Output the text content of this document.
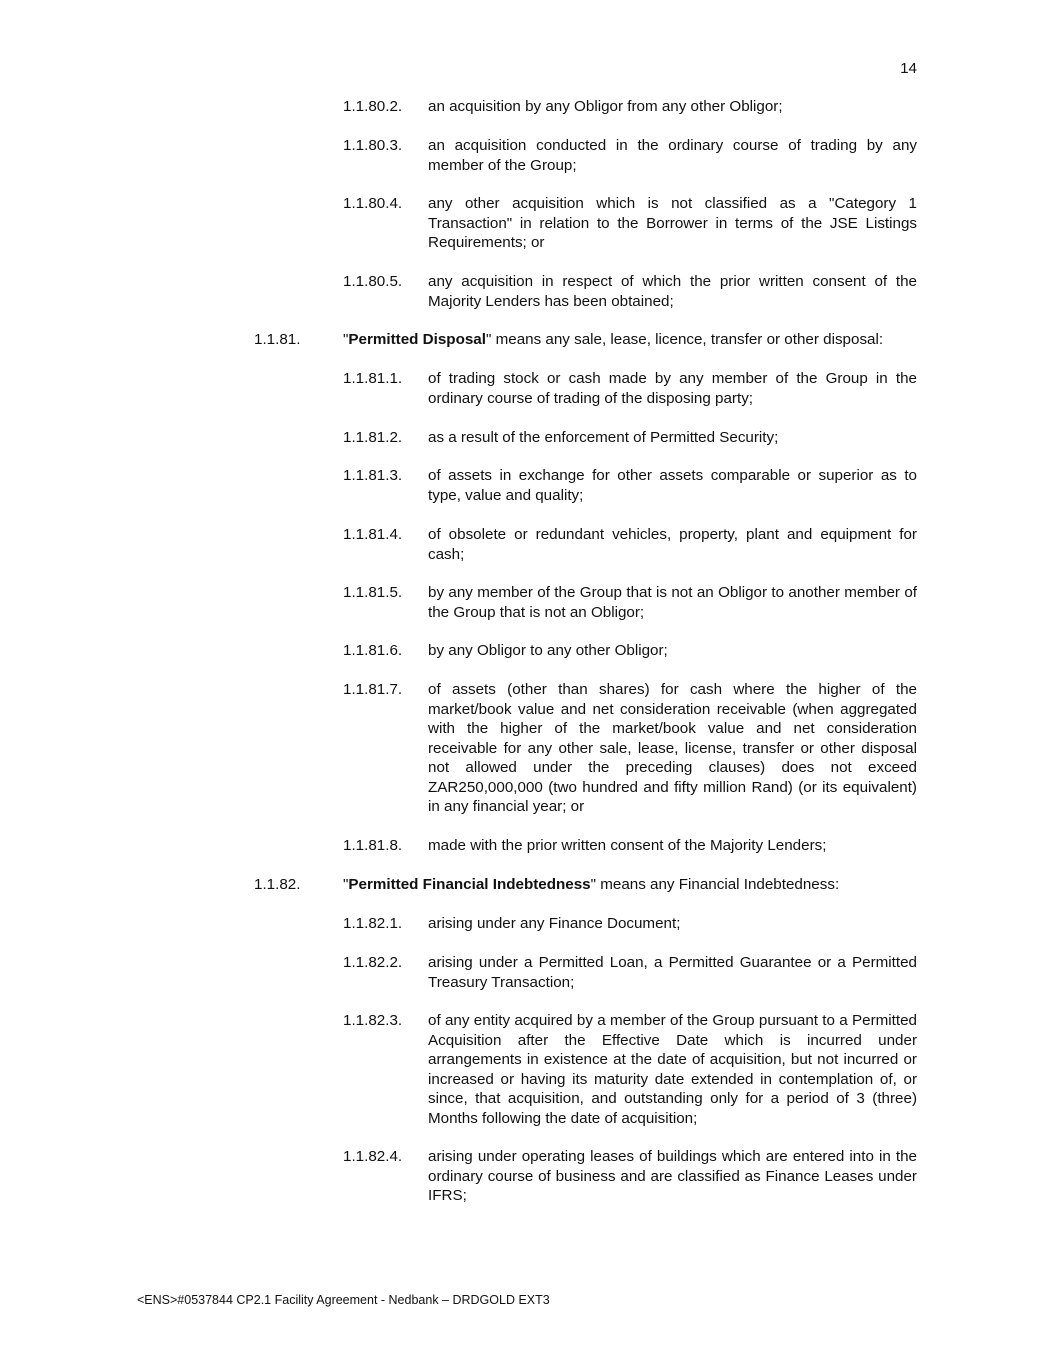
14
1.1.80.2. an acquisition by any Obligor from any other Obligor;
1.1.80.3. an acquisition conducted in the ordinary course of trading by any member of the Group;
1.1.80.4. any other acquisition which is not classified as a "Category 1 Transaction" in relation to the Borrower in terms of the JSE Listings Requirements; or
1.1.80.5. any acquisition in respect of which the prior written consent of the Majority Lenders has been obtained;
1.1.81.	"Permitted Disposal" means any sale, lease, licence, transfer or other disposal:
1.1.81.1. of trading stock or cash made by any member of the Group in the ordinary course of trading of the disposing party;
1.1.81.2. as a result of the enforcement of Permitted Security;
1.1.81.3. of assets in exchange for other assets comparable or superior as to type, value and quality;
1.1.81.4. of obsolete or redundant vehicles, property, plant and equipment for cash;
1.1.81.5. by any member of the Group that is not an Obligor to another member of the Group that is not an Obligor;
1.1.81.6. by any Obligor to any other Obligor;
1.1.81.7. of assets (other than shares) for cash where the higher of the market/book value and net consideration receivable (when aggregated with the higher of the market/book value and net consideration receivable for any other sale, lease, license, transfer or other disposal not allowed under the preceding clauses) does not exceed ZAR250,000,000 (two hundred and fifty million Rand) (or its equivalent) in any financial year; or
1.1.81.8. made with the prior written consent of the Majority Lenders;
1.1.82.	"Permitted Financial Indebtedness" means any Financial Indebtedness:
1.1.82.1. arising under any Finance Document;
1.1.82.2. arising under a Permitted Loan, a Permitted Guarantee or a Permitted Treasury Transaction;
1.1.82.3. of any entity acquired by a member of the Group pursuant to a Permitted Acquisition after the Effective Date which is incurred under arrangements in existence at the date of acquisition, but not incurred or increased or having its maturity date extended in contemplation of, or since, that acquisition, and outstanding only for a period of 3 (three) Months following the date of acquisition;
1.1.82.4. arising under operating leases of buildings which are entered into in the ordinary course of business and are classified as Finance Leases under IFRS;
<ENS>#0537844 CP2.1 Facility Agreement - Nedbank – DRDGOLD EXT3
